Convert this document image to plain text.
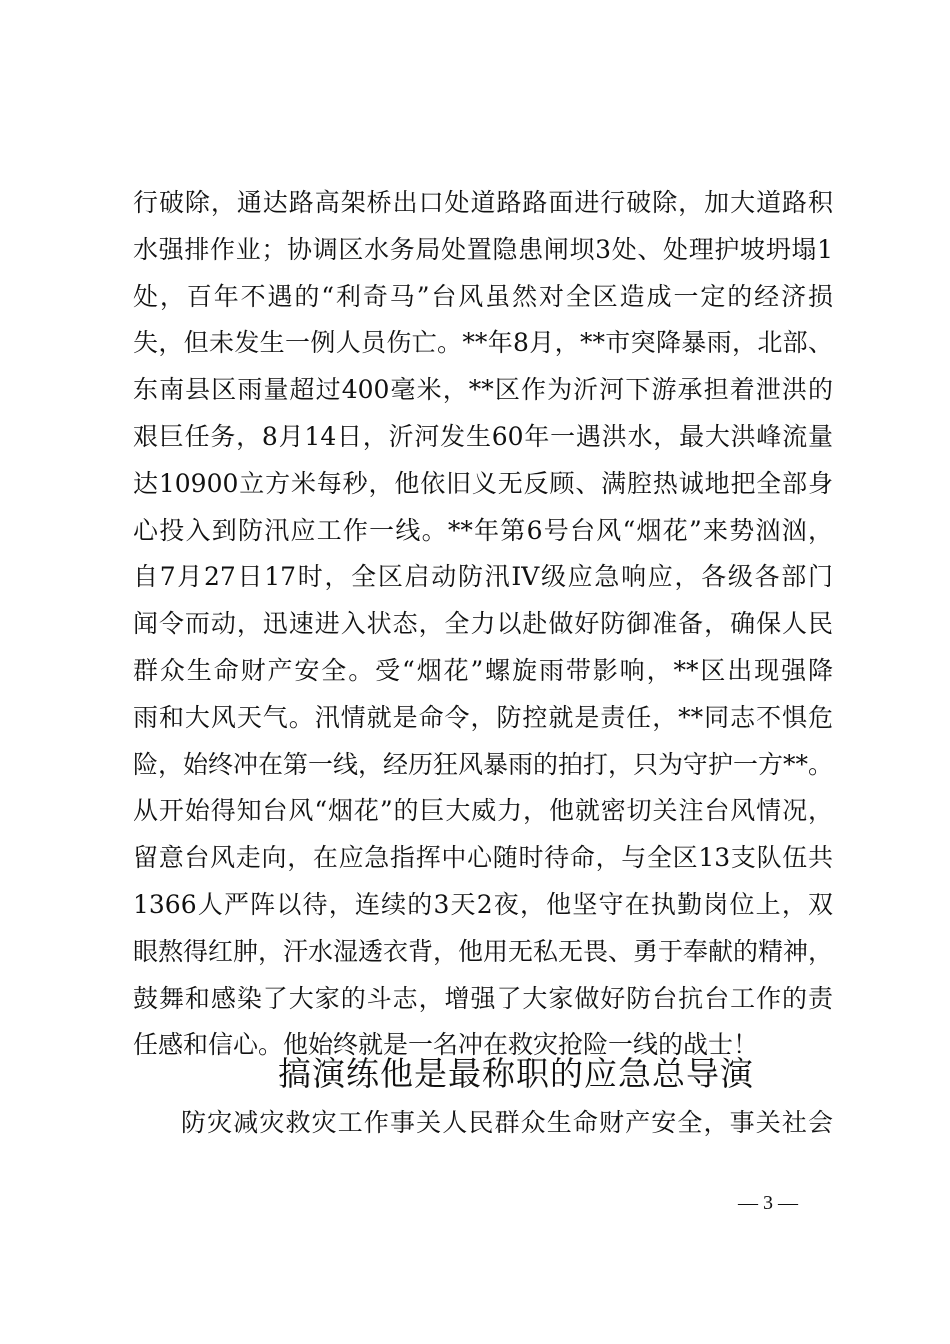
行破除，通达路高架桥出口处道路路面进行破除，加大道路积
水强排作业；协调区水务局处置隐患闸坝3处、处理护坡坍塌1
处，百年不遇的“利奇马”台风虽然对全区造成一定的经济损
失，但未发生一例人员伤亡。**年8月，**市突降暴雨，北部、
东南县区雨量超过400毫米，**区作为沂河下游承担着泄洪的
艰巨任务，8月14日，沂河发生60年一遇洪水，最大洪峰流量
达10900立方米每秒，他依旧义无反顾、满腔热诚地把全部身
心投入到防汛应工作一线。**年第6号台风“烟花”来势汹汹，
自7月27日17时，全区启动防汛IV级应急响应，各级各部门
闻令而动，迅速进入状态，全力以赴做好防御准备，确保人民
群众生命财产安全。受“烟花”螺旋雨带影响，**区出现强降
雨和大风天气。汛情就是命令，防控就是责任，**同志不惧危
险，始终冲在第一线，经历狂风暴雨的拍打，只为守护一方**。
从开始得知台风“烟花”的巨大威力，他就密切关注台风情况，
留意台风走向，在应急指挥中心随时待命，与全区13支队伍共
1366人严阵以待，连续的3天2夜，他坚守在执勤岗位上，双
眼熬得红肿，汗水湿透衣背，他用无私无畏、勇于奉献的精神，
鼓舞和感染了大家的斗志，增强了大家做好防台抗台工作的责
任感和信心。他始终就是一名冲在救灾抢险一线的战士！
搞演练他是最称职的应急总导演
防灾减灾救灾工作事关人民群众生命财产安全，事关社会
— 3 —
